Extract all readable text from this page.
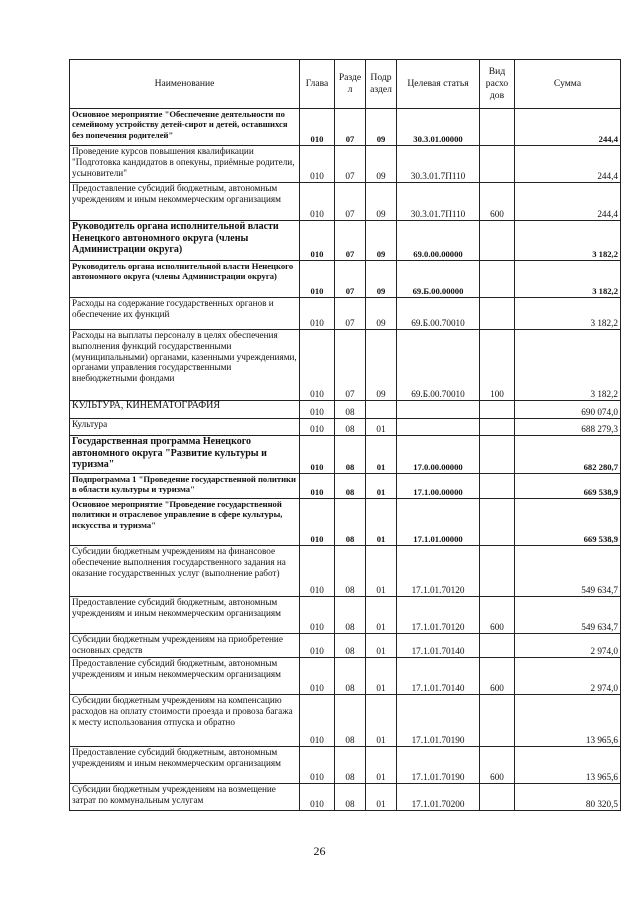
Наименование	Глава	Разде л	Подр аздел	Целевая статья	Вид расхо дов	Сумма
Основное мероприятие "Обеспечение деятельности по семейному устройству детей-сирот и детей, оставшихся без попечения родителей"	010	07	09	30.3.01.00000		244,4
Проведение курсов повышения квалификации "Подготовка кандидатов в опекуны, приёмные родители, усыновители"	010	07	09	30.3.01.7П110		244,4
Предоставление субсидий бюджетным, автономным учреждениям и иным некоммерческим организациям	010	07	09	30.3.01.7П110	600	244,4
Руководитель органа исполнительной власти Ненецкого автономного округа (члены Администрации округа)	010	07	09	69.0.00.00000		3 182,2
Руководитель органа исполнительной власти Ненецкого автономного округа (члены Администрации округа)	010	07	09	69.Б.00.00000		3 182,2
Расходы на содержание государственных органов и обеспечение их функций	010	07	09	69.Б.00.70010		3 182,2
Расходы на выплаты персоналу в целях обеспечения выполнения функций государственными (муниципальными) органами, казенными учреждениями, органами управления государственными внебюджетными фондами	010	07	09	69.Б.00.70010	100	3 182,2
КУЛЬТУРА, КИНЕМАТОГРАФИЯ	010	08				690 074,0
Культура	010	08	01			688 279,3
Государственная программа Ненецкого автономного округа "Развитие культуры и туризма"	010	08	01	17.0.00.00000		682 280,7
Подпрограмма 1 "Проведение государственной политики в области культуры и туризма"	010	08	01	17.1.00.00000		669 538,9
Основное мероприятие "Проведение государственной политики и отраслевое управление в сфере культуры, искусства и туризма"	010	08	01	17.1.01.00000		669 538,9
Субсидии бюджетным учреждениям на финансовое обеспечение выполнения государственного задания на оказание государственных услуг (выполнение работ)	010	08	01	17.1.01.70120		549 634,7
Предоставление субсидий бюджетным, автономным учреждениям и иным некоммерческим организациям	010	08	01	17.1.01.70120	600	549 634,7
Субсидии бюджетным учреждениям на приобретение основных средств	010	08	01	17.1.01.70140		2 974,0
Предоставление субсидий бюджетным, автономным учреждениям и иным некоммерческим организациям	010	08	01	17.1.01.70140	600	2 974,0
Субсидии бюджетным учреждениям на компенсацию расходов на оплату стоимости проезда и провоза багажа к месту использования отпуска и обратно	010	08	01	17.1.01.70190		13 965,6
Предоставление субсидий бюджетным, автономным учреждениям и иным некоммерческим организациям	010	08	01	17.1.01.70190	600	13 965,6
Субсидии бюджетным учреждениям на возмещение затрат по коммунальным услугам	010	08	01	17.1.01.70200		80 320,5
26
